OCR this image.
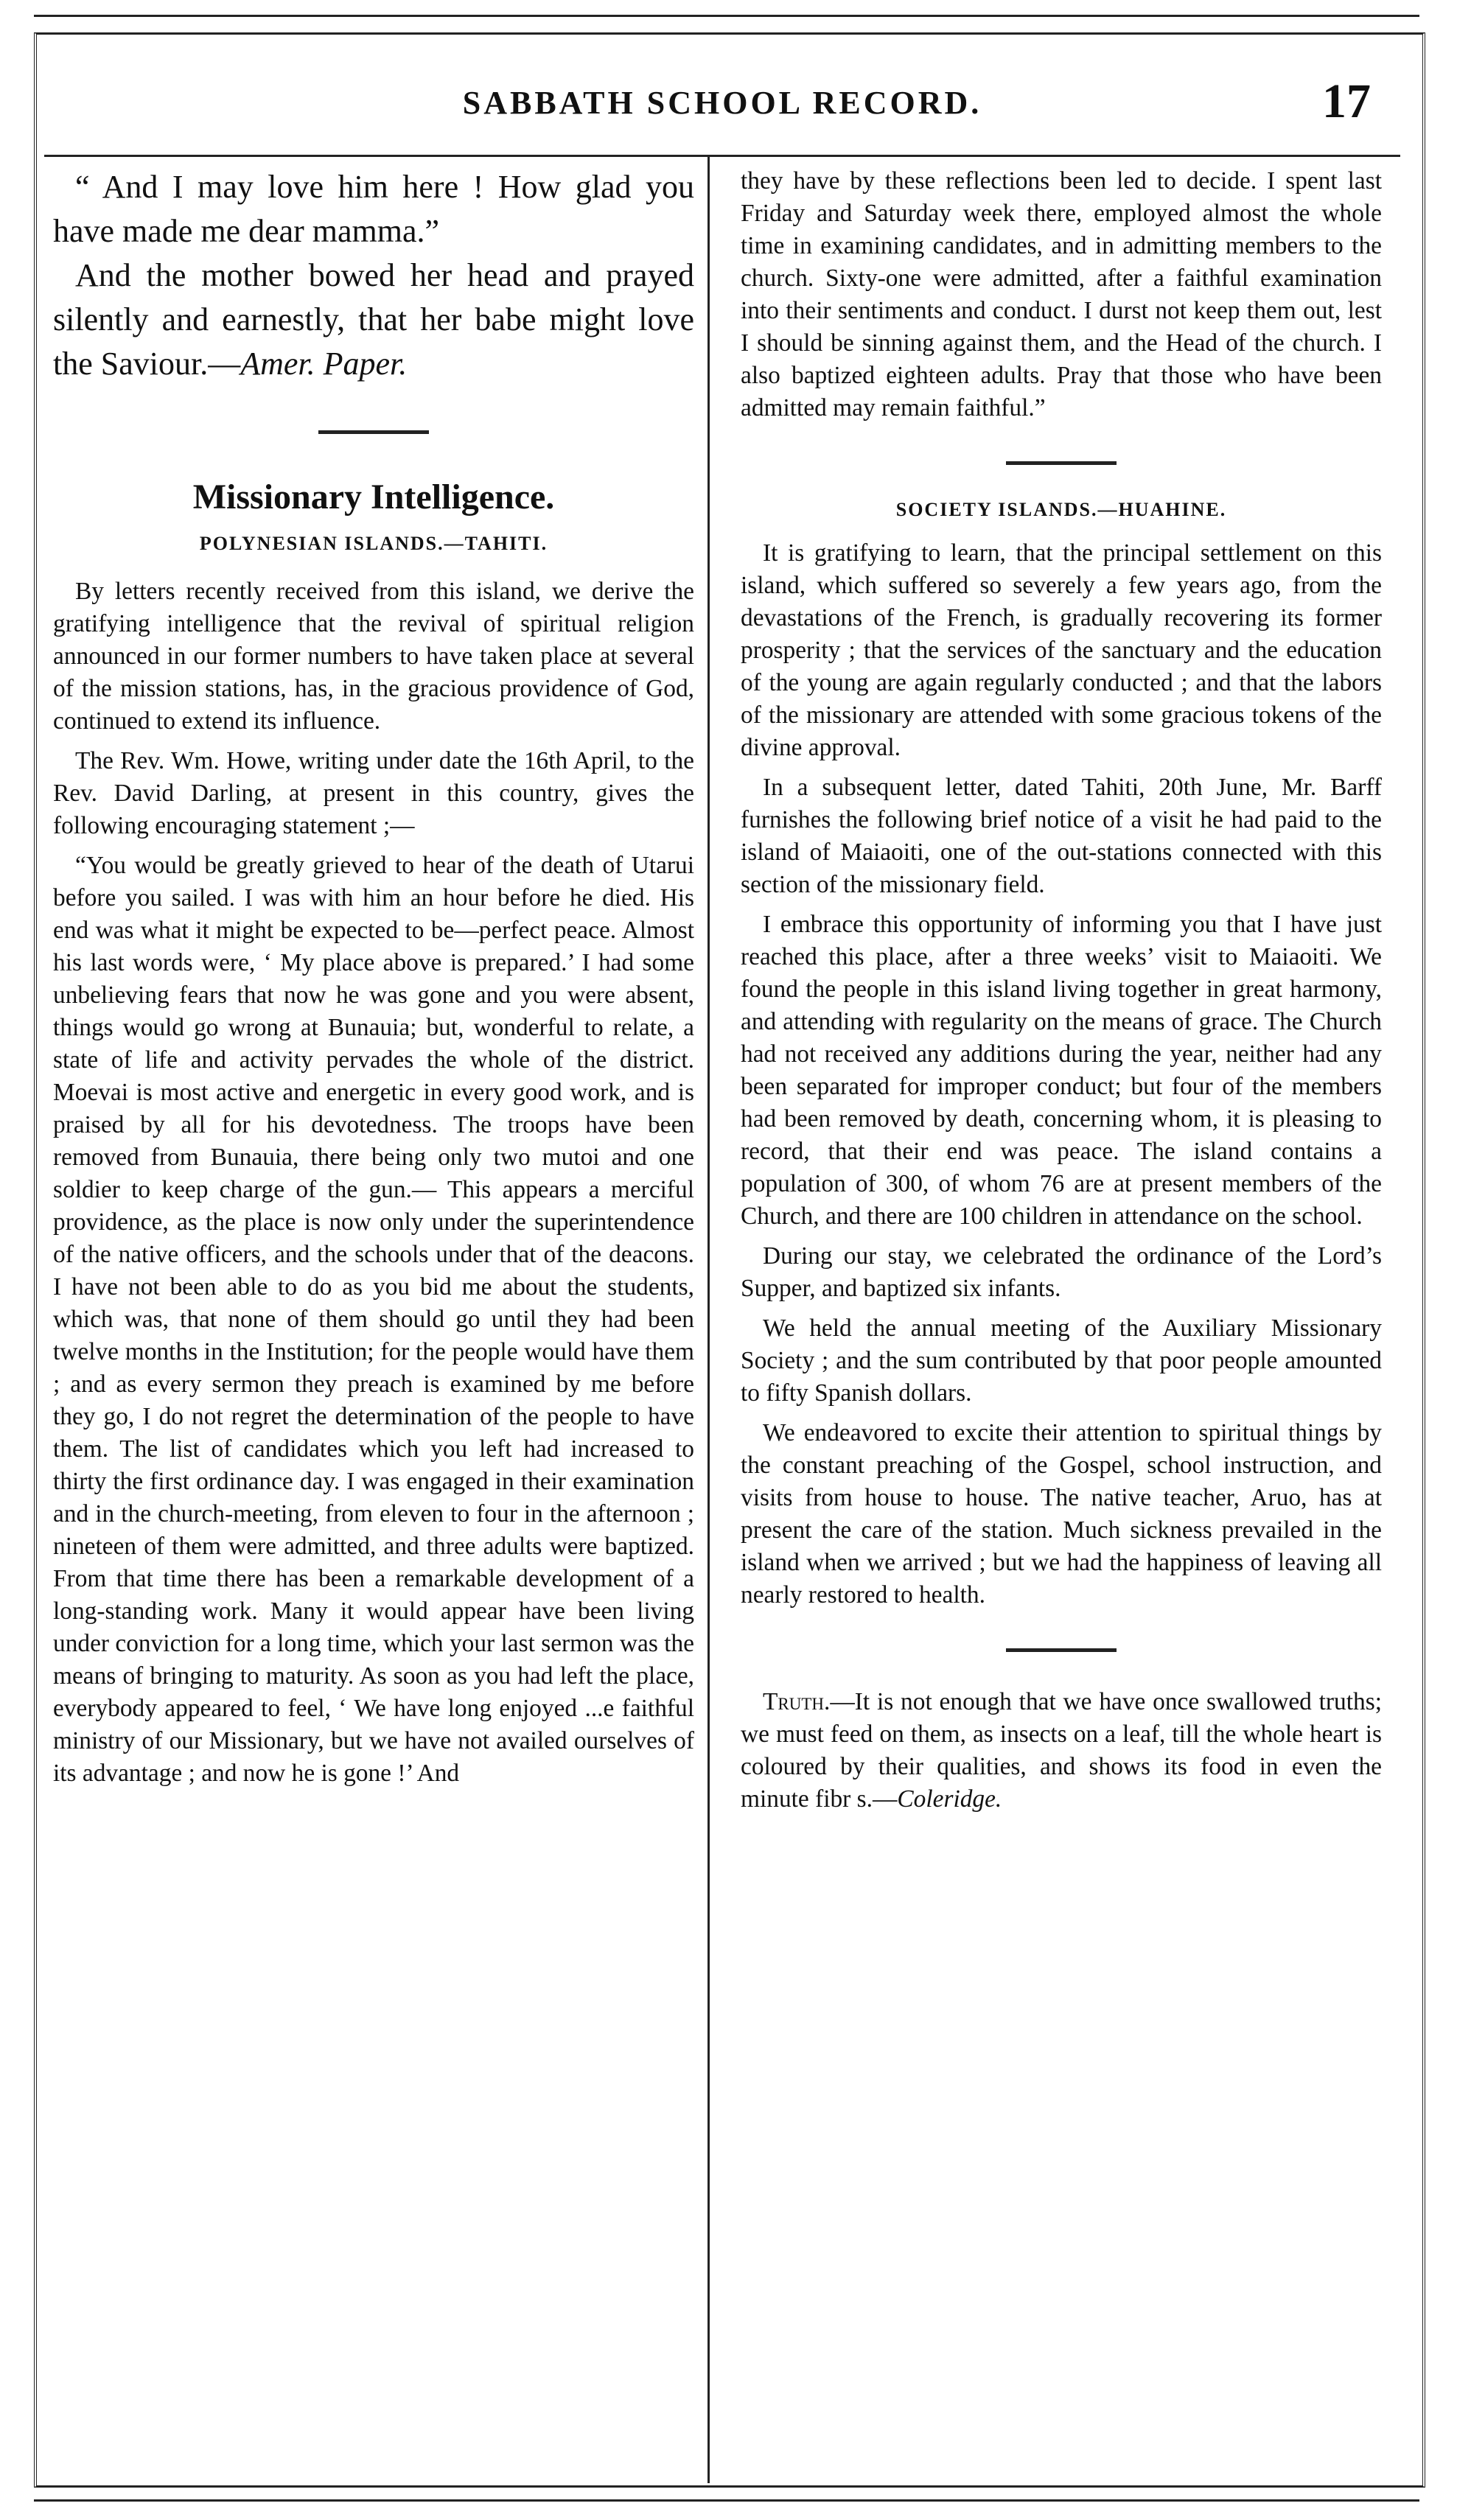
SABBATH SCHOOL RECORD.	17

“ And I may love him here ! How glad you have made me dear mamma.”

And the mother bowed her head and prayed silently and earnestly, that her babe might love the Saviour.—Amer. Paper.

Missionary Intelligence.
POLYNESIAN ISLANDS.—TAHITI.

By letters recently received from this island, we derive the gratifying intelligence that the revival of spiritual religion announced in our former numbers to have taken place at several of the mission stations, has, in the gracious providence of God, continued to extend its influence.

The Rev. Wm. Howe, writing under date the 16th April, to the Rev. David Darling, at present in this country, gives the following encouraging statement ;—

“You would be greatly grieved to hear of the death of Utarui before you sailed. I was with him an hour before he died. His end was what it might be expected to be—perfect peace. Almost his last words were, ‘ My place above is prepared.’ I had some unbelieving fears that now he was gone and you were absent, things would go wrong at Bunauia; but, wonderful to relate, a state of life and activity pervades the whole of the district. Moevai is most active and energetic in every good work, and is praised by all for his devotedness. The troops have been removed from Bunauia, there being only two mutoi and one soldier to keep charge of the gun.— This appears a merciful providence, as the place is now only under the superintendence of the native officers, and the schools under that of the deacons. I have not been able to do as you bid me about the students, which was, that none of them should go until they had been twelve months in the Institution; for the people would have them ; and as every sermon they preach is examined by me before they go, I do not regret the determination of the people to have them. The list of candidates which you left had increased to thirty the first ordinance day. I was engaged in their examination and in the church-meeting, from eleven to four in the afternoon ; nineteen of them were admitted, and three adults were baptized. From that time there has been a remarkable development of a long-standing work. Many it would appear have been living under conviction for a long time, which your last sermon was the means of bringing to maturity. As soon as you had left the place, everybody appeared to feel, ‘ We have long enjoyed ...e faithful ministry of our Missionary, but we have not availed ourselves of its advantage ; and now he is gone !’ And

they have by these reflections been led to decide. I spent last Friday and Saturday week there, employed almost the whole time in examining candidates, and in admitting members to the church. Sixty-one were admitted, after a faithful examination into their sentiments and conduct. I durst not keep them out, lest I should be sinning against them, and the Head of the church. I also baptized eighteen adults. Pray that those who have been admitted may remain faithful.”

SOCIETY ISLANDS.—HUAHINE.

It is gratifying to learn, that the principal settlement on this island, which suffered so severely a few years ago, from the devastations of the French, is gradually recovering its former prosperity ; that the services of the sanctuary and the education of the young are again regularly conducted ; and that the labors of the missionary are attended with some gracious tokens of the divine approval.

In a subsequent letter, dated Tahiti, 20th June, Mr. Barff furnishes the following brief notice of a visit he had paid to the island of Maiaoiti, one of the out-stations connected with this section of the missionary field.

I embrace this opportunity of informing you that I have just reached this place, after a three weeks’ visit to Maiaoiti. We found the people in this island living together in great harmony, and attending with regularity on the means of grace. The Church had not received any additions during the year, neither had any been separated for improper conduct; but four of the members had been removed by death, concerning whom, it is pleasing to record, that their end was peace. The island contains a population of 300, of whom 76 are at present members of the Church, and there are 100 children in attendance on the school.

During our stay, we celebrated the ordinance of the Lord’s Supper, and baptized six infants.

We held the annual meeting of the Auxiliary Missionary Society ; and the sum contributed by that poor people amounted to fifty Spanish dollars.

We endeavored to excite their attention to spiritual things by the constant preaching of the Gospel, school instruction, and visits from house to house. The native teacher, Aruo, has at present the care of the station. Much sickness prevailed in the island when we arrived ; but we had the happiness of leaving all nearly restored to health.

Truth.—It is not enough that we have once swallowed truths; we must feed on them, as insects on a leaf, till the whole heart is coloured by their qualities, and shows its food in even the minute fibr s.—Coleridge.
